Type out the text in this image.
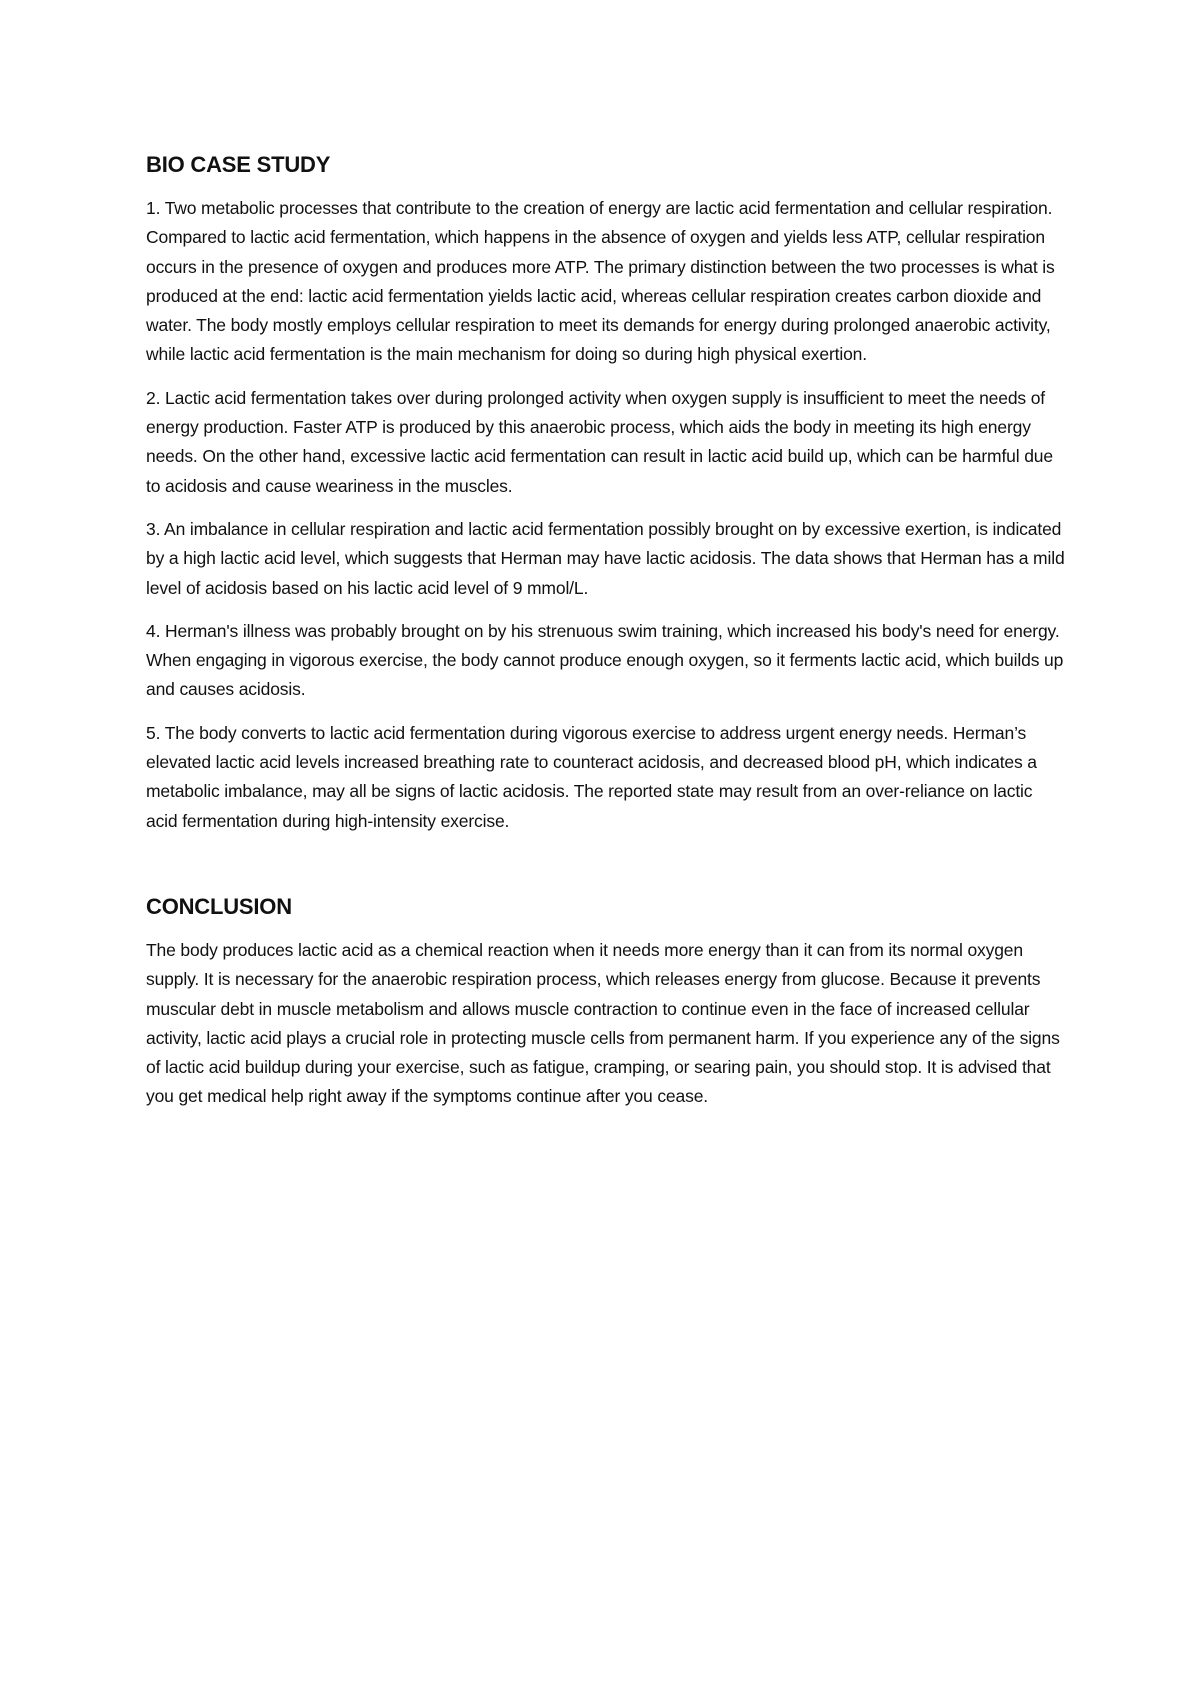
BIO CASE STUDY

1. Two metabolic processes that contribute to the creation of energy are lactic acid fermentation and cellular respiration. Compared to lactic acid fermentation, which happens in the absence of oxygen and yields less ATP, cellular respiration occurs in the presence of oxygen and produces more ATP. The primary distinction between the two processes is what is produced at the end: lactic acid fermentation yields lactic acid, whereas cellular respiration creates carbon dioxide and water. The body mostly employs cellular respiration to meet its demands for energy during prolonged anaerobic activity, while lactic acid fermentation is the main mechanism for doing so during high physical exertion.

2. Lactic acid fermentation takes over during prolonged activity when oxygen supply is insufficient to meet the needs of energy production. Faster ATP is produced by this anaerobic process, which aids the body in meeting its high energy needs. On the other hand, excessive lactic acid fermentation can result in lactic acid build up, which can be harmful due to acidosis and cause weariness in the muscles.

3. An imbalance in cellular respiration and lactic acid fermentation possibly brought on by excessive exertion, is indicated by a high lactic acid level, which suggests that Herman may have lactic acidosis. The data shows that Herman has a mild level of acidosis based on his lactic acid level of 9 mmol/L.

4. Herman's illness was probably brought on by his strenuous swim training, which increased his body's need for energy. When engaging in vigorous exercise, the body cannot produce enough oxygen, so it ferments lactic acid, which builds up and causes acidosis.

5. The body converts to lactic acid fermentation during vigorous exercise to address urgent energy needs. Herman’s elevated lactic acid levels increased breathing rate to counteract acidosis, and decreased blood pH, which indicates a metabolic imbalance, may all be signs of lactic acidosis. The reported state may result from an over-reliance on lactic acid fermentation during high-intensity exercise.

CONCLUSION

The body produces lactic acid as a chemical reaction when it needs more energy than it can from its normal oxygen supply. It is necessary for the anaerobic respiration process, which releases energy from glucose. Because it prevents muscular debt in muscle metabolism and allows muscle contraction to continue even in the face of increased cellular activity, lactic acid plays a crucial role in protecting muscle cells from permanent harm. If you experience any of the signs of lactic acid buildup during your exercise, such as fatigue, cramping, or searing pain, you should stop. It is advised that you get medical help right away if the symptoms continue after you cease.
